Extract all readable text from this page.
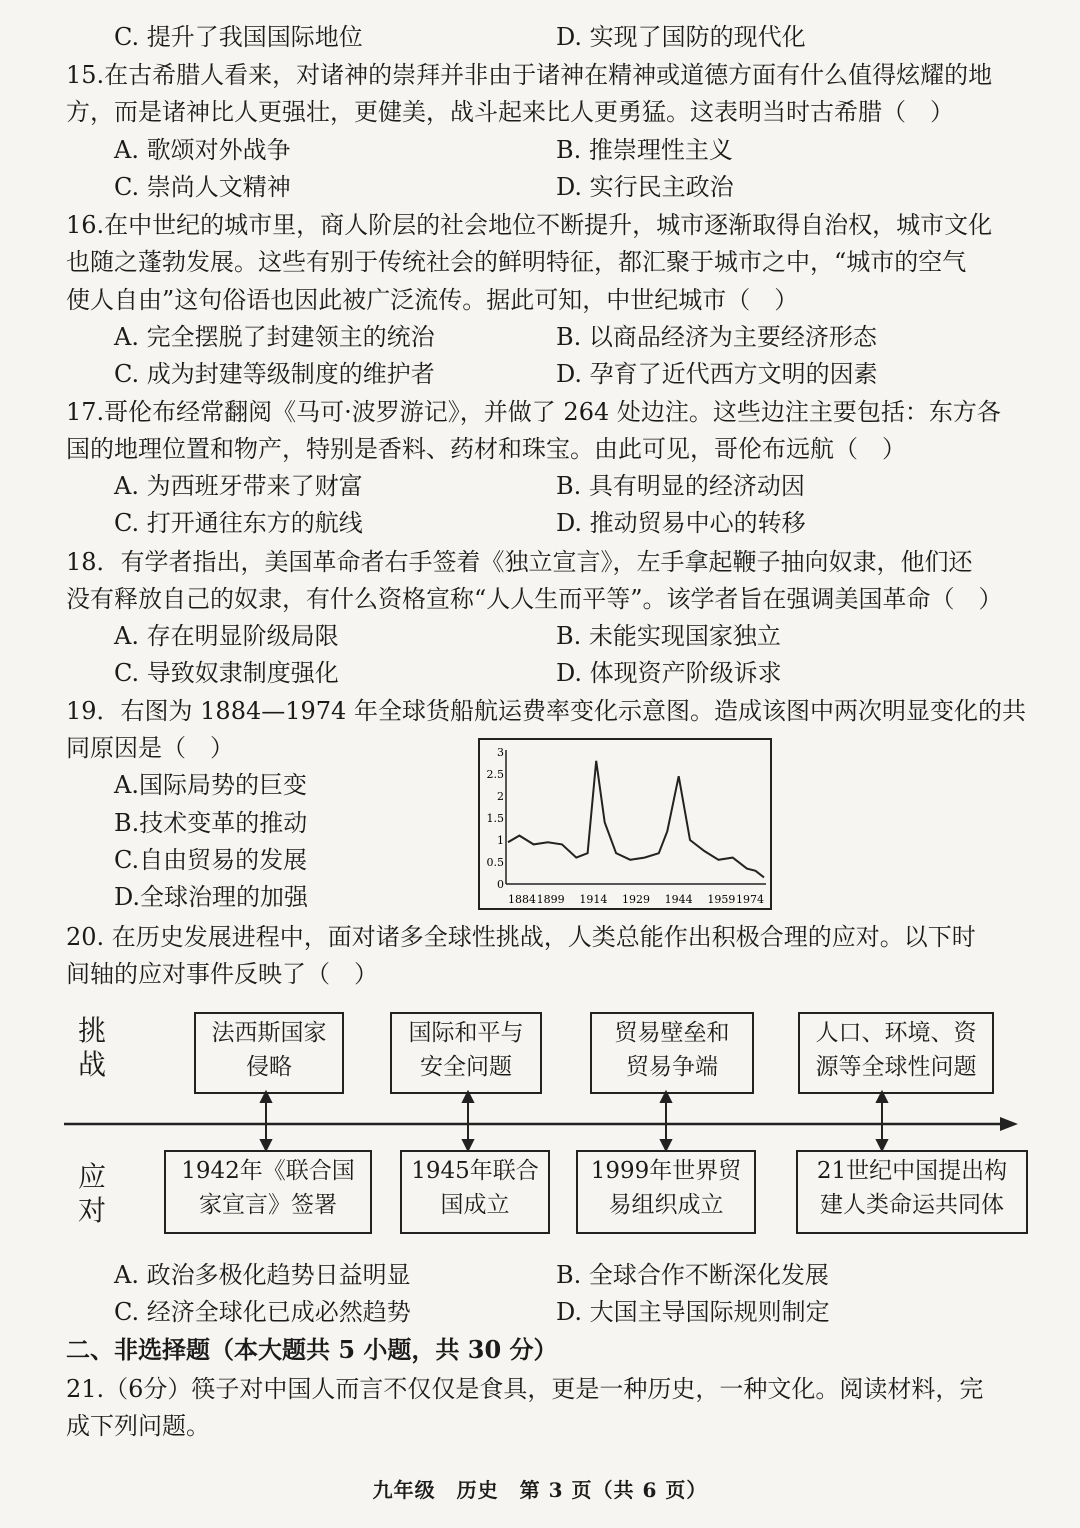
C. 提升了我国国际地位	D. 实现了国防的现代化
15.在古希腊人看来，对诸神的崇拜并非由于诸神在精神或道德方面有什么值得炫耀的地
方，而是诸神比人更强壮，更健美，战斗起来比人更勇猛。这表明当时古希腊（　）
A. 歌颂对外战争	B. 推崇理性主义
C. 崇尚人文精神	D. 实行民主政治
16.在中世纪的城市里，商人阶层的社会地位不断提升，城市逐渐取得自治权，城市文化
也随之蓬勃发展。这些有别于传统社会的鲜明特征，都汇聚于城市之中，“城市的空气
使人自由”这句俗语也因此被广泛流传。据此可知，中世纪城市（　）
A. 完全摆脱了封建领主的统治	B. 以商品经济为主要经济形态
C. 成为封建等级制度的维护者	D. 孕育了近代西方文明的因素
17.哥伦布经常翻阅《马可·波罗游记》，并做了 264 处边注。这些边注主要包括：东方各
国的地理位置和物产，特别是香料、药材和珠宝。由此可见，哥伦布远航（　）
A. 为西班牙带来了财富	B. 具有明显的经济动因
C. 打开通往东方的航线	D. 推动贸易中心的转移
18．有学者指出，美国革命者右手签着《独立宣言》，左手拿起鞭子抽向奴隶，他们还
没有释放自己的奴隶，有什么资格宣称“人人生而平等”。该学者旨在强调美国革命（　）
A. 存在明显阶级局限	B. 未能实现国家独立
C. 导致奴隶制度强化	D. 体现资产阶级诉求
19．右图为 1884—1974 年全球货船航运费率变化示意图。造成该图中两次明显变化的共
同原因是（　）
A.国际局势的巨变
B.技术变革的推动
C.自由贸易的发展
D.全球治理的加强	0
0.5
1
1.5
2
2.5
3
1884 1899 1914 1929 1944 1959 1974
20. 在历史发展进程中，面对诸多全球性挑战，人类总能作出积极合理的应对。以下时
间轴的应对事件反映了（　）
挑战
应对
法西斯国家
侵略
国际和平与
安全问题
贸易壁垒和
贸易争端
人口、环境、资
源等全球性问题
1942年《联合国
家宣言》签署
1945年联合
国成立
1999年世界贸
易组织成立
21世纪中国提出构
建人类命运共同体
A. 政治多极化趋势日益明显	B. 全球合作不断深化发展
C. 经济全球化已成必然趋势	D. 大国主导国际规则制定
二、非选择题（本大题共 5 小题，共 30 分）
21.（6分）筷子对中国人而言不仅仅是食具，更是一种历史，一种文化。阅读材料，完
成下列问题。
九年级　历史　第 3 页（共 6 页）
